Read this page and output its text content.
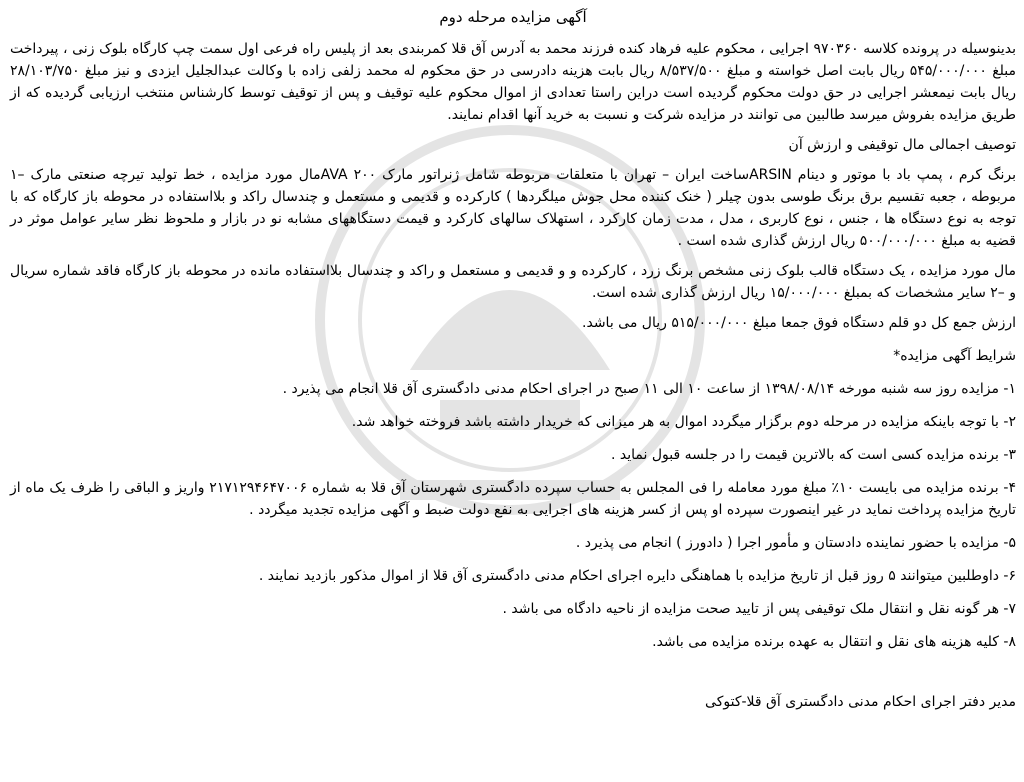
آگهی مزایده مرحله دوم

بدینوسیله در پرونده کلاسه ۹۷۰۳۶۰ اجرایی ، محکوم علیه فرهاد کنده فرزند محمد به آدرس آق قلا کمربندی بعد از پلیس راه فرعی اول سمت چپ کارگاه بلوک زنی ، پیرداخت مبلغ ۵۴۵/۰۰۰/۰۰۰ ریال بابت اصل خواسته و مبلغ ۸/۵۳۷/۵۰۰ ریال بابت هزینه دادرسی در حق محکوم له محمد زلفی زاده با وکالت عبدالجلیل ایزدی و نیز مبلغ ۲۸/۱۰۳/۷۵۰ ریال بابت نیمعشر اجرایی در حق دولت محکوم گردیده است دراین راستا تعدادی از اموال محکوم علیه توقیف و پس از توقیف توسط کارشناس منتخب ارزیابی گردیده که از طریق مزایده بفروش میرسد طالبین می توانند در مزایده شرکت و نسبت به خرید آنها اقدام نمایند.

توصیف اجمالی مال توقیفی و ارزش آن

برنگ کرم ، پمپ باد با موتور و دینام ARSINساخت ایران – تهران با متعلقات مربوطه شامل ژنراتور مارک ۲۰۰ AVAمال مورد مزایده ، خط تولید تیرچه صنعتی مارک –۱ مربوطه ، جعبه تقسیم برق برنگ طوسی بدون چیلر ( خنک کننده محل جوش میلگردها ) کارکرده و قدیمی و مستعمل و چندسال راکد و بلااستفاده در محوطه باز کارگاه که با توجه به نوع دستگاه ها ، جنس ، نوع کاربری ، مدل ، مدت زمان کارکرد ، استهلاک سالهای کارکرد و قیمت دستگاههای مشابه نو در بازار و ملحوظ نظر سایر عوامل موثر در قضیه به مبلغ ۵۰۰/۰۰۰/۰۰۰ ریال ارزش گذاری شده است .

مال مورد مزایده ، یک دستگاه قالب بلوک زنی مشخص برنگ زرد ، کارکرده و و قدیمی و مستعمل و راکد و چندسال بلااستفاده مانده در محوطه باز کارگاه فاقد شماره سریال و –۲ سایر مشخصات که بمبلغ ۱۵/۰۰۰/۰۰۰ ریال ارزش گذاری شده است.

ارزش جمع کل دو قلم دستگاه فوق جمعا مبلغ ۵۱۵/۰۰۰/۰۰۰ ریال می باشد.

شرایط آگهی مزایده*

۱- مزایده روز سه شنبه مورخه ۱۳۹۸/۰۸/۱۴ از ساعت ۱۰ الی ۱۱ صبح در اجرای احکام مدنی دادگستری آق قلا انجام می پذیرد .

۲- با توجه باینکه مزایده در مرحله دوم برگزار میگردد اموال به هر میزانی که خریدار داشته باشد فروخته خواهد شد.

۳- برنده مزایده کسی است که بالاترین قیمت را در جلسه قبول نماید .

۴- برنده مزایده می بایست ۱۰٪ مبلغ مورد معامله را فی المجلس به حساب سپرده دادگستری شهرستان آق قلا به شماره ۲۱۷۱۲۹۴۶۴۷۰۰۶ واریز و الباقی را ظرف یک ماه از تاریخ مزایده پرداخت نماید در غیر اینصورت سپرده او پس از کسر هزینه های اجرایی به نفع دولت ضبط و آگهی مزایده تجدید میگردد .

۵- مزایده با حضور نماینده دادستان و مأمور اجرا ( دادورز ) انجام می پذیرد .

۶- داوطلبین میتوانند ۵ روز قبل از تاریخ مزایده با هماهنگی دایره اجرای احکام مدنی دادگستری آق قلا از اموال مذکور بازدید نمایند .

۷- هر گونه نقل و انتقال ملک توقیفی پس از تایید صحت مزایده از ناحیه دادگاه می باشد .

۸- کلیه هزینه های نقل و انتقال به عهده برنده مزایده می باشد.

مدیر دفتر اجرای احکام مدنی دادگستری آق قلا-کتوکی
